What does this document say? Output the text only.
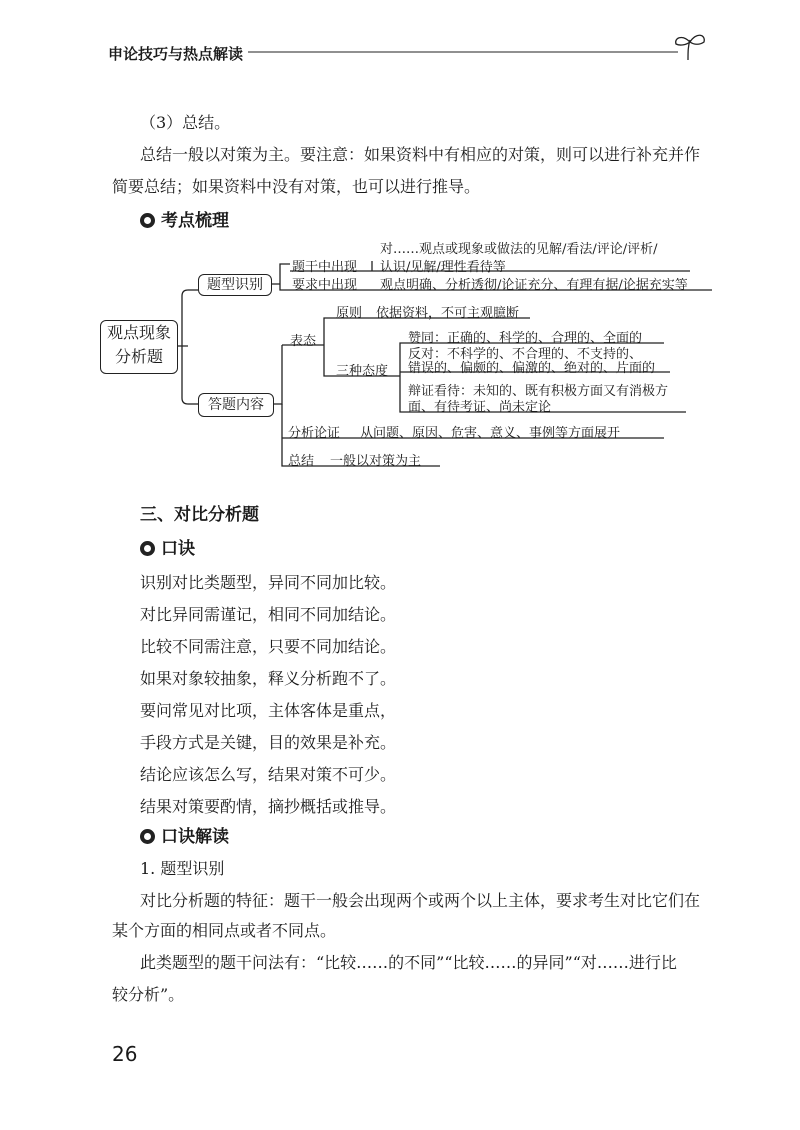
申论技巧与热点解读
（3）总结。
总结一般以对策为主。要注意：如果资料中有相应的对策，则可以进行补充并作
简要总结；如果资料中没有对策，也可以进行推导。
考点梳理
观点现象
分析题
题型识别
答题内容
题干中出现
对……观点或现象或做法的见解/看法/评论/评析/
认识/见解/理性看待等
要求中出现 观点明确、分析透彻/论证充分、有理有据/论据充实等
表态
原则 依据资料，不可主观臆断
三种态度
赞同：正确的、科学的、合理的、全面的
反对：不科学的、不合理的、不支持的、
错误的、偏颇的、偏激的、绝对的、片面的
辩证看待：未知的、既有积极方面又有消极方
面、有待考证、尚未定论
分析论证 从问题、原因、危害、意义、事例等方面展开
总结 一般以对策为主
三、对比分析题
口诀
识别对比类题型，异同不同加比较。
对比异同需谨记，相同不同加结论。
比较不同需注意，只要不同加结论。
如果对象较抽象，释义分析跑不了。
要问常见对比项，主体客体是重点，
手段方式是关键，目的效果是补充。
结论应该怎么写，结果对策不可少。
结果对策要酌情，摘抄概括或推导。
口诀解读
1. 题型识别
对比分析题的特征：题干一般会出现两个或两个以上主体，要求考生对比它们在
某个方面的相同点或者不同点。
此类题型的题干问法有：“比较……的不同”“比较……的异同”“对……进行比
较分析”。
26
